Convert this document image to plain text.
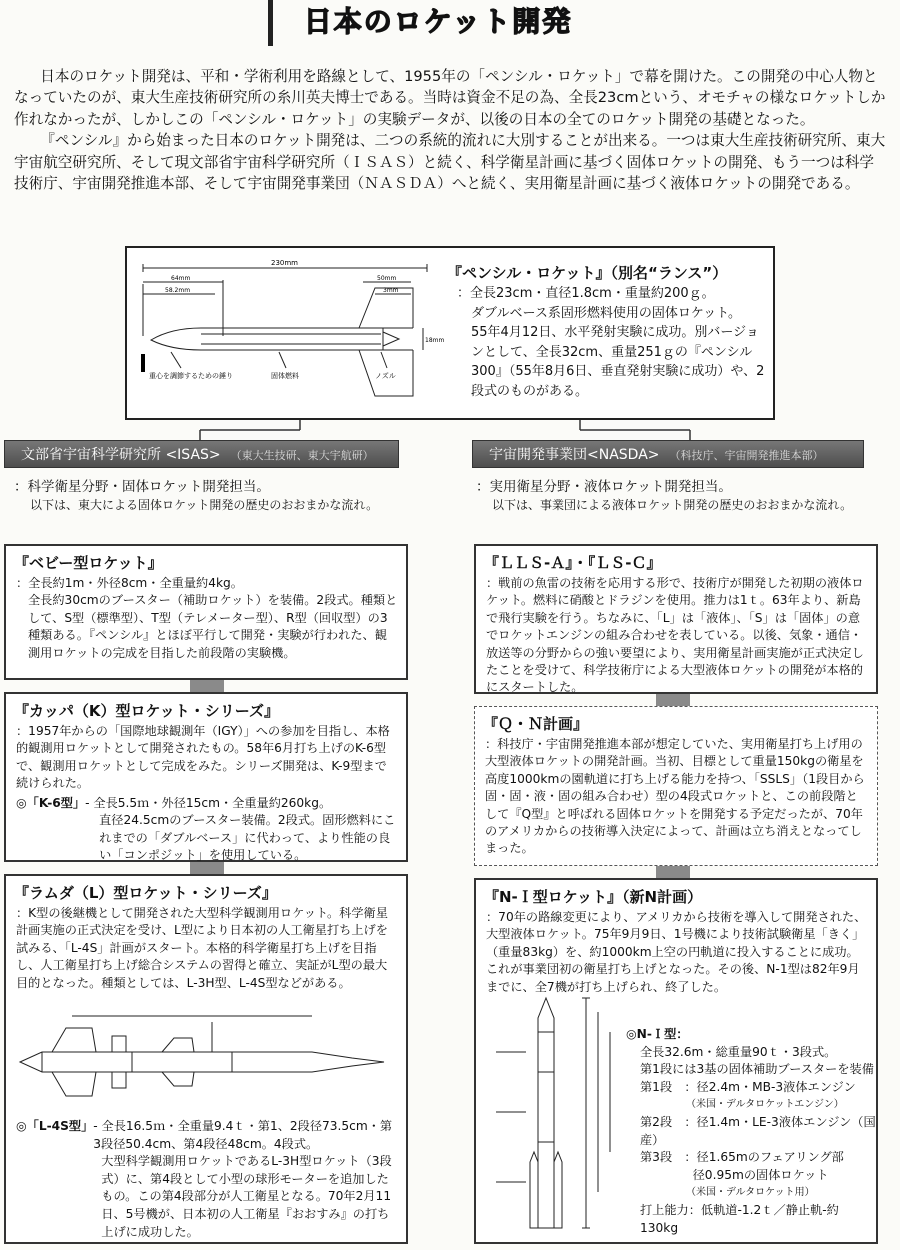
日本のロケット開発

日本のロケット開発は、平和・学術利用を路線として、1955年の「ペンシル・ロケット」で幕を開けた。この開発の中心人物となっていたのが、東大生産技術研究所の糸川英夫博士である。当時は資金不足の為、全長23cmという、オモチャの様なロケットしか作れなかったが、しかしこの「ペンシル・ロケット」の実験データが、以後の日本の全てのロケット開発の基礎となった。

『ペンシル』から始まった日本のロケット開発は、二つの系統的流れに大別することが出来る。一つは東大生産技術研究所、東大宇宙航空研究所、そして現文部省宇宙科学研究所（ＩＳＡＳ）と続く、科学衛星計画に基づく固体ロケットの開発、もう一つは科学技術庁、宇宙開発推進本部、そして宇宙開発事業団（ＮＡＳＤＡ）へと続く、実用衛星計画に基づく液体ロケットの開発である。

230mm
64mm
58.2mm
50mm
3mm
18mm
重心を調節するための錘り	固体燃料	ノズル
『ペンシル・ロケット』（別名“ランス”）
：全長23cm・直径1.8cm・重量約200ｇ。
ダブルベース系固形燃料使用の固体ロケット。
55年4月12日、水平発射実験に成功。別バージョンとして、全長32cm、重量251ｇの『ペンシル300』（55年8月6日、垂直発射実験に成功）や、2段式のものがある。
文部省宇宙科学研究所 <ISAS> （東大生技研、東大宇航研）
：科学衛星分野・固体ロケット開発担当。
以下は、東大による固体ロケット開発の歴史のおおまかな流れ。
宇宙開発事業団<NASDA> （科技庁、宇宙開発推進本部）
：実用衛星分野・液体ロケット開発担当。
以下は、事業団による液体ロケット開発の歴史のおおまかな流れ。
『ベビー型ロケット』
：全長約1m・外径8cm・全重量約4kg。
全長約30cmのブースター（補助ロケット）を装備。2段式。種類として、S型（標準型）、T型（テレメーター型）、R型（回収型）の3種類ある。『ペンシル』とほぼ平行して開発・実験が行われた、観測用ロケットの完成を目指した前段階の実験機。
『カッパ（K）型ロケット・シリーズ』
：1957年からの「国際地球観測年（IGY）」への参加を目指し、本格的観測用ロケットとして開発されたもの。58年6月打ち上げのK-6型で、観測用ロケットとして完成をみた。シリーズ開発は、K-9型まで続けられた。
◎「K-6型」 - 全長5.5ｍ・外径15cm・全重量約260kg。
直径24.5cmのブースター装備。2段式。固形燃料にこれまでの「ダブルベース」に代わって、より性能の良い「コンポジット」を使用している。
『ラムダ（L）型ロケット・シリーズ』
：K型の後継機として開発された大型科学観測用ロケット。科学衛星計画実施の正式決定を受け、L型により日本初の人工衛星打ち上げを試みる、「L-4S」計画がスタート。本格的科学衛星打ち上げを目指し、人工衛星打ち上げ総合システムの習得と確立、実証がL型の最大目的となった。種類としては、L-3H型、L-4S型などがある。
◎「L-4S型」 - 全長16.5ｍ・全重量9.4ｔ・第1、2段径73.5cm・第3段径50.4cm、第4段径48cm。4段式。
大型科学観測用ロケットであるL-3H型ロケット（3段式）に、第4段として小型の球形モーターを追加したもの。この第4段部分が人工衛星となる。70年2月11日、5号機が、日本初の人工衛星『おおすみ』の打ち上げに成功した。
『ＬＬＳ-Ａ』・『ＬＳ-Ｃ』
：戦前の魚雷の技術を応用する形で、技術庁が開発した初期の液体ロケット。燃料に硝酸とドラジンを使用。推力は1ｔ。63年より、新島で飛行実験を行う。ちなみに、「L」は「液体」、「S」は「固体」の意でロケットエンジンの組み合わせを表している。以後、気象・通信・放送等の分野からの強い要望により、実用衛星計画実施が正式決定したことを受けて、科学技術庁による大型液体ロケットの開発が本格的にスタートした。
『Ｑ・Ｎ計画』
：科技庁・宇宙開発推進本部が想定していた、実用衛星打ち上げ用の大型液体ロケットの開発計画。当初、目標として重量150kgの衛星を高度1000kmの園軌道に打ち上げる能力を持つ、「SSLS」（1段目から固・固・液・固の組み合わせ）型の4段式ロケットと、この前段階として『Q型』と呼ばれる固体ロケットを開発する予定だったが、70年のアメリカからの技術導入決定によって、計画は立ち消えとなってしまった。
『N-Ｉ型ロケット』（新N計画）
：70年の路線変更により、アメリカから技術を導入して開発された、大型液体ロケット。75年9月9日、1号機により技術試験衛星「きく」（重量83kg）を、約1000km上空の円軌道に投入することに成功。これが事業団初の衛星打ち上げとなった。その後、N-1型は82年9月までに、全7機が打ち上げられ、終了した。
◎N-Ｉ型：
全長32.6m・総重量90ｔ・3段式。
第1段には3基の固体補助ブースターを装備
第1段　：径2.4m・MB-3液体エンジン
（米国・デルタロケットエンジン）
第2段　：径1.4m・LE-3液体エンジン（国産）
第3段　：径1.65mのフェアリング部
　　　　 径0.95mの固体ロケット
（米国・デルタロケット用）
打上能力：低軌道-1.2ｔ／静止軌-約130kg
